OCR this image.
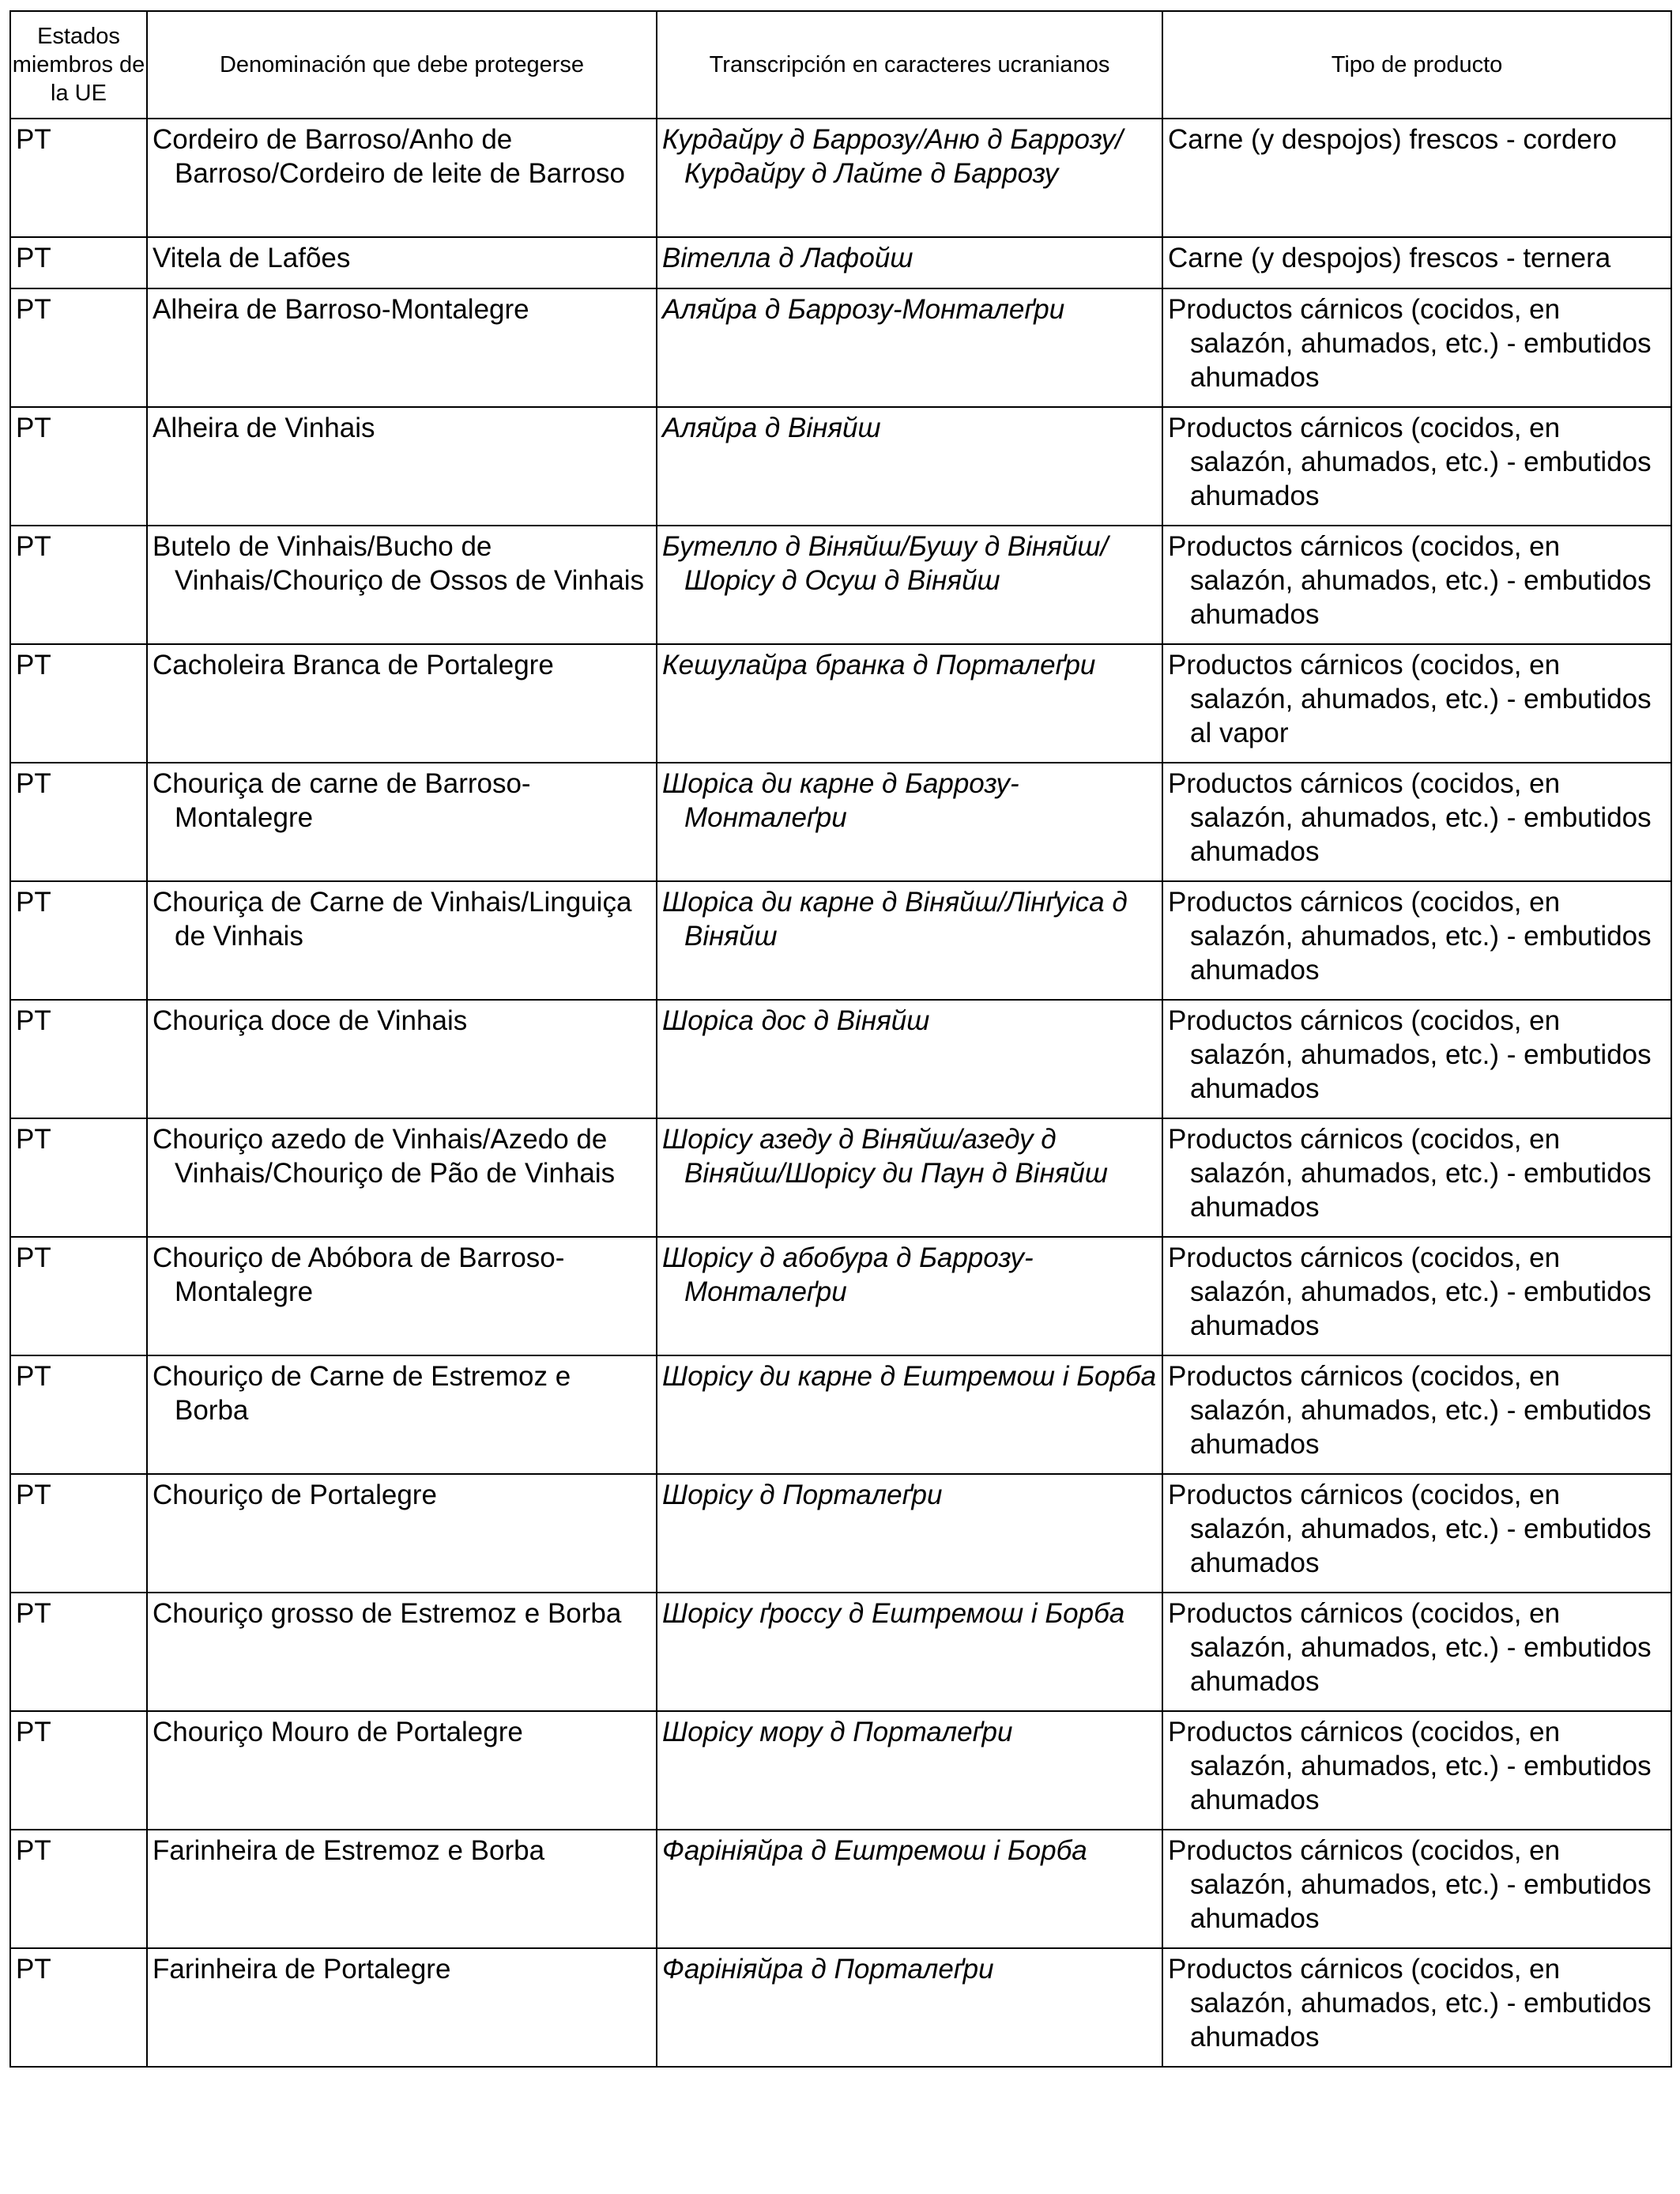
Estados miembros de la UE	Denominación que debe protegerse	Transcripción en caracteres ucranianos	Tipo de producto

PT	Cordeiro de Barroso/Anho de Barroso/Cordeiro de leite de Barroso	Курдайру д Баррозу/Аню д Баррозу/Курдайру д Лайте д Баррозу	Carne (y despojos) frescos - cordero

PT	Vitela de Lafões	Вітелла д Лафойш	Carne (y despojos) frescos - ternera

PT	Alheira de Barroso-Montalegre	Аляйра д Баррозу-Монталеґри	Productos cárnicos (cocidos, en salazón, ahumados, etc.) - embutidos ahumados

PT	Alheira de Vinhais	Аляйра д Віняйш	Productos cárnicos (cocidos, en salazón, ahumados, etc.) - embutidos ahumados

PT	Butelo de Vinhais/Bucho de Vinhais/Chouriço de Ossos de Vinhais	Бутелло д Віняйш/Бушу д Віняйш/Шорісу д Осуш д Віняйш	Productos cárnicos (cocidos, en salazón, ahumados, etc.) - embutidos ahumados

PT	Cacholeira Branca de Portalegre	Кешулайра бранка д Порталеґри	Productos cárnicos (cocidos, en salazón, ahumados, etc.) - embutidos al vapor

PT	Chouriça de carne de Barroso-Montalegre	Шоріса ди карне д Баррозу-Монталеґри	Productos cárnicos (cocidos, en salazón, ahumados, etc.) - embutidos ahumados

PT	Chouriça de Carne de Vinhais/Linguiça de Vinhais	Шоріса ди карне д Віняйш/Лінґуіса д Віняйш	Productos cárnicos (cocidos, en salazón, ahumados, etc.) - embutidos ahumados

PT	Chouriça doce de Vinhais	Шоріса дос д Віняйш	Productos cárnicos (cocidos, en salazón, ahumados, etc.) - embutidos ahumados

PT	Chouriço azedo de Vinhais/Azedo de Vinhais/Chouriço de Pão de Vinhais	Шорісу азеду д Віняйш/азеду д Віняйш/Шорісу ди Паун д Віняйш	Productos cárnicos (cocidos, en salazón, ahumados, etc.) - embutidos ahumados

PT	Chouriço de Abóbora de Barroso-Montalegre	Шорісу д абобура д Баррозу-Монталеґри	Productos cárnicos (cocidos, en salazón, ahumados, etc.) - embutidos ahumados

PT	Chouriço de Carne de Estremoz e Borba	Шорісу ди карне д Ештремош і Борба	Productos cárnicos (cocidos, en salazón, ahumados, etc.) - embutidos ahumados

PT	Chouriço de Portalegre	Шорісу д Порталеґри	Productos cárnicos (cocidos, en salazón, ahumados, etc.) - embutidos ahumados

PT	Chouriço grosso de Estremoz e Borba	Шорісу ґроссу д Ештремош і Борба	Productos cárnicos (cocidos, en salazón, ahumados, etc.) - embutidos ahumados

PT	Chouriço Mouro de Portalegre	Шорісу мору д Порталеґри	Productos cárnicos (cocidos, en salazón, ahumados, etc.) - embutidos ahumados

PT	Farinheira de Estremoz e Borba	Фарініяйра д Ештремош і Борба	Productos cárnicos (cocidos, en salazón, ahumados, etc.) - embutidos ahumados

PT	Farinheira de Portalegre	Фарініяйра д Порталеґри	Productos cárnicos (cocidos, en salazón, ahumados, etc.) - embutidos ahumados
